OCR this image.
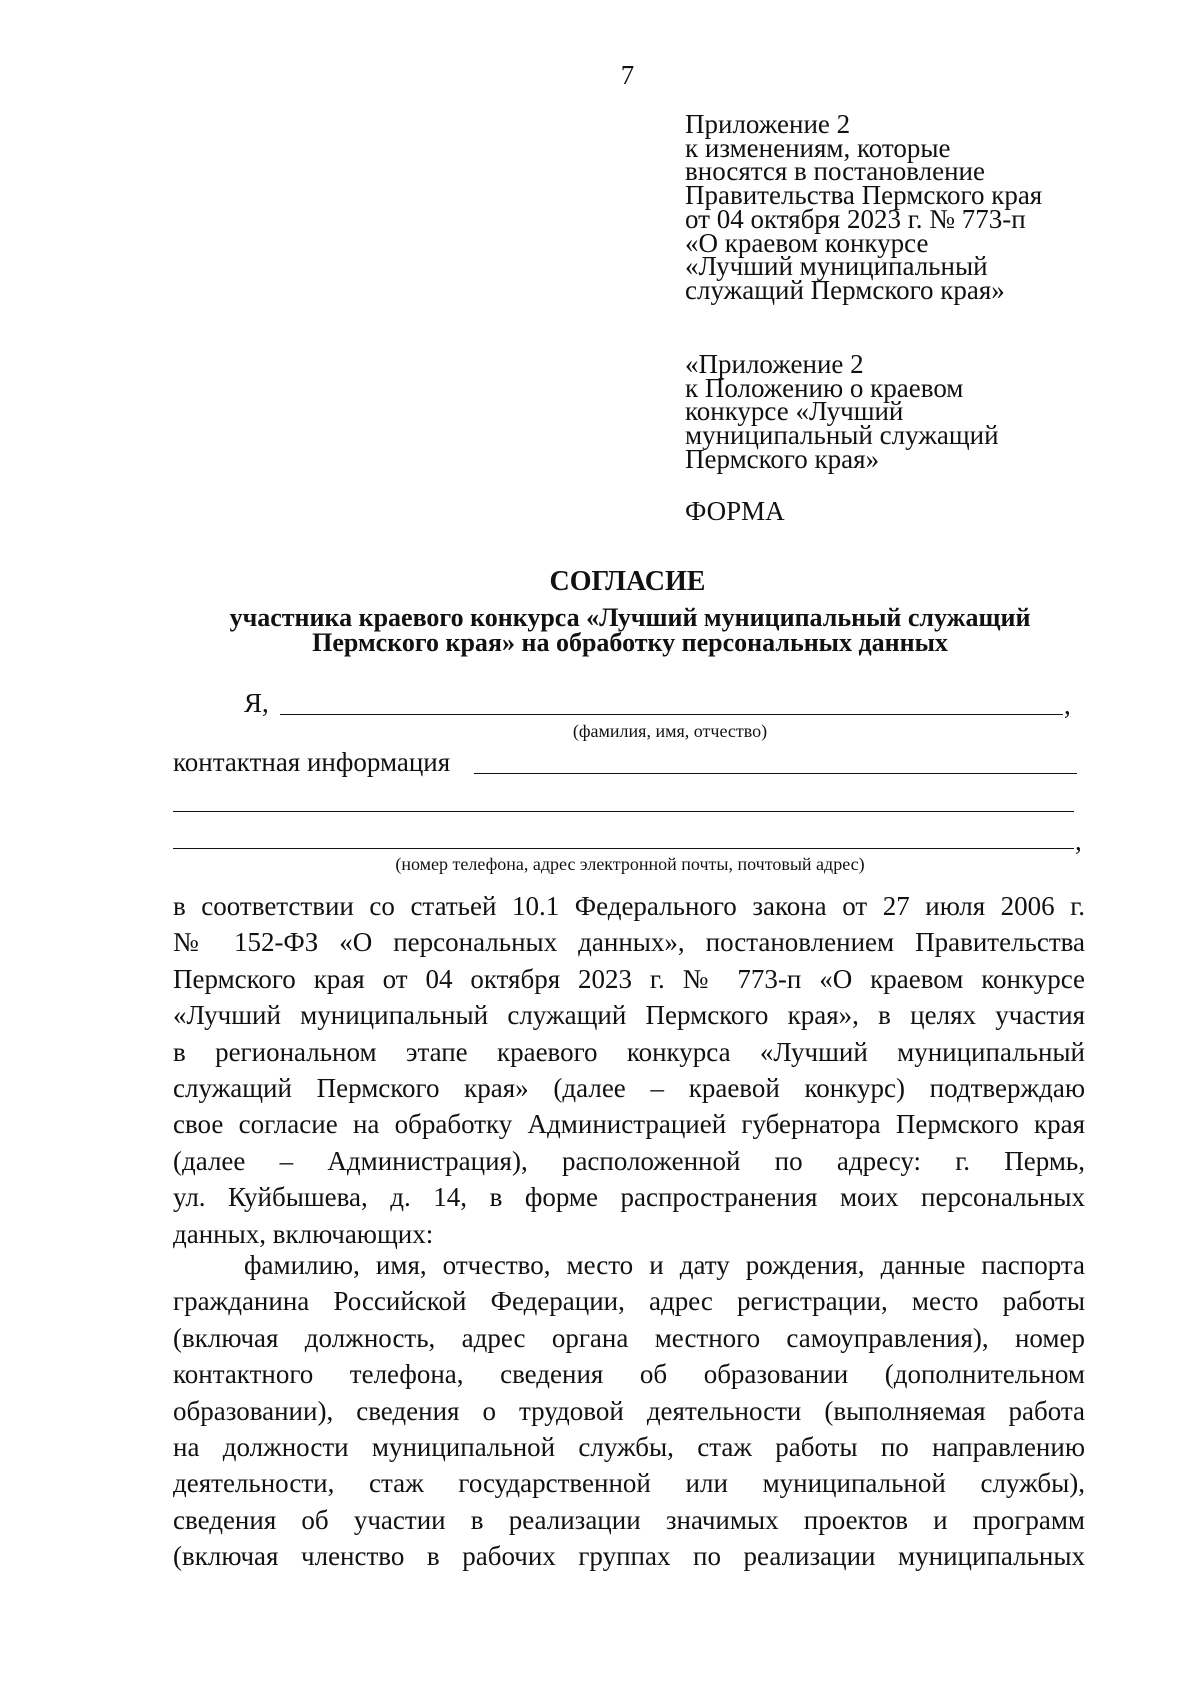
7
Приложение 2
к изменениям, которые
вносятся в постановление
Правительства Пермского края
от 04 октября 2023 г. № 773-п
«О краевом конкурсе
«Лучший муниципальный
служащий Пермского края»
«Приложение 2
к Положению о краевом
конкурсе «Лучший
муниципальный служащий
Пермского края»
ФОРМА
СОГЛАСИЕ
участника краевого конкурса «Лучший муниципальный служащий
Пермского края» на обработку персональных данных
Я,	,
(фамилия, имя, отчество)
контактная информация
,
(номер телефона, адрес электронной почты, почтовый адрес)
в соответствии со статьей 10.1 Федерального закона от 27 июля 2006 г.
№ 152-ФЗ «О персональных данных», постановлением Правительства
Пермского края от 04 октября 2023 г. № 773-п «О краевом конкурсе
«Лучший муниципальный служащий Пермского края», в целях участия
в региональном этапе краевого конкурса «Лучший муниципальный
служащий Пермского края» (далее – краевой конкурс) подтверждаю
свое согласие на обработку Администрацией губернатора Пермского края
(далее – Администрация), расположенной по адресу: г. Пермь,
ул. Куйбышева, д. 14, в форме распространения моих персональных
данных, включающих:
фамилию, имя, отчество, место и дату рождения, данные паспорта
гражданина Российской Федерации, адрес регистрации, место работы
(включая должность, адрес органа местного самоуправления), номер
контактного телефона, сведения об образовании (дополнительном
образовании), сведения о трудовой деятельности (выполняемая работа
на должности муниципальной службы, стаж работы по направлению
деятельности, стаж государственной или муниципальной службы),
сведения об участии в реализации значимых проектов и программ
(включая членство в рабочих группах по реализации муниципальных
